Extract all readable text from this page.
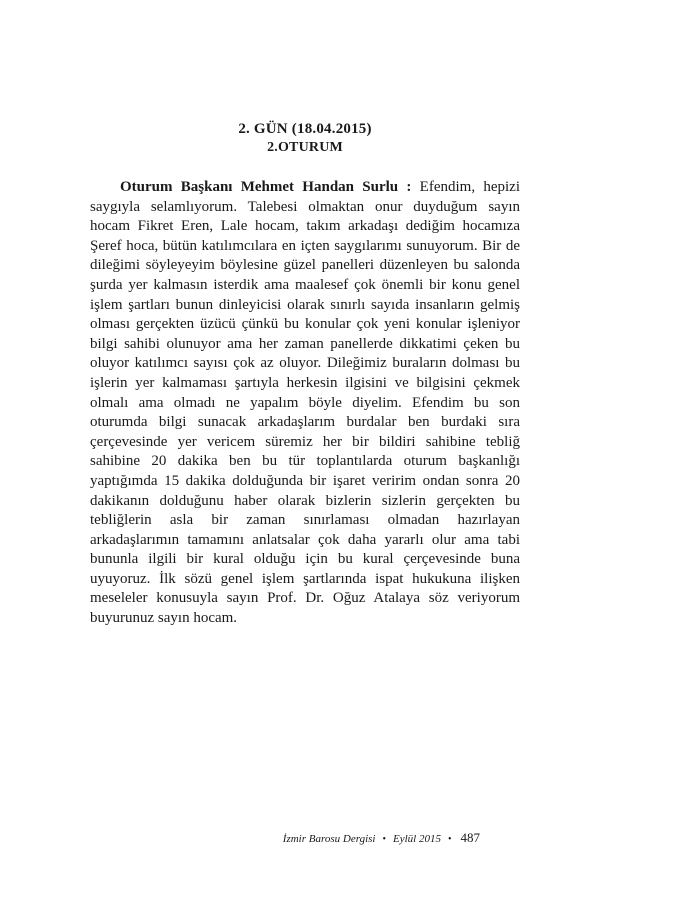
2. GÜN (18.04.2015)
2.OTURUM

Oturum Başkanı Mehmet Handan Surlu : Efendim, hepizi saygıyla selamlıyorum. Talebesi olmaktan onur duyduğum sayın hocam Fikret Eren, Lale hocam, takım arkadaşı dediğim hocamıza Şeref hoca, bütün katılımcılara en içten saygılarımı sunuyorum. Bir de dileğimi söyleyeyim böylesine güzel panelleri düzenleyen bu salonda şurda yer kalmasın isterdik ama maalesef çok önemli bir konu genel işlem şartları bunun dinleyicisi olarak sınırlı sayıda insanların gelmiş olması gerçekten üzücü çünkü bu konular çok yeni konular işleniyor bilgi sahibi olunuyor ama her zaman panellerde dikkatimi çeken bu oluyor katılımcı sayısı çok az oluyor. Dileğimiz buraların dolması bu işlerin yer kalmaması şartıyla herkesin ilgisini ve bilgisini çekmek olmalı ama olmadı ne yapalım böyle diyelim. Efendim bu son oturumda bilgi sunacak arkadaşlarım burdalar ben burdaki sıra çerçevesinde yer vericem süremiz her bir bildiri sahibine tebliğ sahibine 20 dakika ben bu tür toplantılarda oturum başkanlığı yaptığımda 15 dakika dolduğunda bir işaret veririm ondan sonra 20 dakikanın dolduğunu haber olarak bizlerin sizlerin gerçekten bu tebliğlerin asla bir zaman sınırlaması olmadan hazırlayan arkadaşlarımın tamamını anlatsalar çok daha yararlı olur ama tabi bununla ilgili bir kural olduğu için bu kural çerçevesinde buna uyuyoruz. İlk sözü genel işlem şartlarında ispat hukukuna ilişken meseleler konusuyla sayın Prof. Dr. Oğuz Atalaya söz veriyorum buyurunuz sayın hocam.

İzmir Barosu Dergisi • Eylül 2015 • 487
